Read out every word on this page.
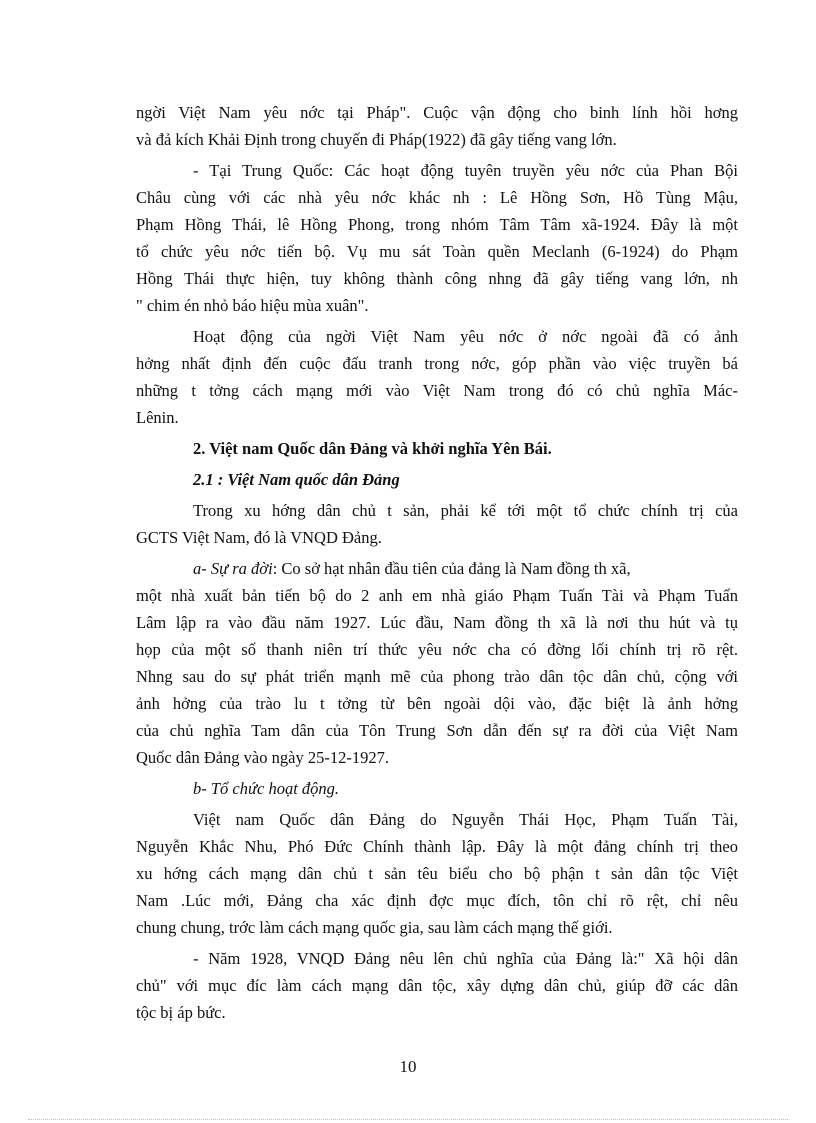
ngời Việt Nam yêu nớc tại Pháp". Cuộc vận động cho binh lính hồi hơng
và đả kích Khải Định trong chuyến đi Pháp(1922) đã gây tiếng vang lớn.
- Tại Trung Quốc: Các hoạt động tuyên truyền yêu nớc của Phan Bội
Châu cùng với các nhà yêu nớc khác nh : Lê Hồng Sơn, Hồ Tùng Mậu,
Phạm Hồng Thái, lê Hồng Phong, trong nhóm Tâm Tâm xã-1924. Đây là một
tổ chức yêu nớc tiến bộ. Vụ mu sát Toàn quền Meclanh (6-1924) do Phạm
Hồng Thái thực hiện, tuy không thành công nhng đã gây tiếng vang lớn, nh
" chim én nhỏ báo hiệu mùa xuân".
Hoạt động của ngời Việt Nam yêu nớc ở nớc ngoài đã có ảnh
hởng nhất định đến cuộc đấu tranh trong nớc, góp phần vào việc truyền bá
những t tởng cách mạng mới vào Việt Nam trong đó có chủ nghĩa Mác-
Lênin.
2. Việt nam Quốc dân Đảng và khởi nghĩa Yên Bái.
2.1 : Việt Nam quốc dân Đảng
Trong xu hớng dân chủ t sản, phải kể tới một tổ chức chính trị của
GCTS Việt Nam, đó là VNQD Đảng.
a- Sự ra đời: Co sở hạt nhân đầu tiên của đảng là Nam đồng th xã,
một nhà xuất bản tiến bộ do 2 anh em nhà giáo Phạm Tuấn Tài và Phạm Tuấn
Lâm lập ra vào đầu năm 1927. Lúc đầu, Nam đồng th xã là nơi thu hút và tụ
họp của một số thanh niên trí thức yêu nớc cha có đờng lối chính trị rõ rệt.
Nhng sau do sự phát triển mạnh mẽ của phong trào dân tộc dân chủ, cộng với
ảnh hởng của trào lu t tởng từ bên ngoài dội vào, đặc biệt là ảnh hởng
của chủ nghĩa Tam dân của Tôn Trung Sơn dẫn đến sự ra đời của Việt Nam
Quốc dân Đảng vào ngày 25-12-1927.
b- Tổ chức hoạt động.
Việt nam Quốc dân Đảng do Nguyễn Thái Học, Phạm Tuấn Tài,
Nguyễn Khắc Nhu, Phó Đức Chính thành lập. Đây là một đảng chính trị theo
xu hớng cách mạng dân chủ t sản têu biểu cho bộ phận t sản dân tộc Việt
Nam .Lúc mới, Đảng cha xác định đợc mục đích, tôn chỉ rõ rệt, chỉ nêu
chung chung, trớc làm cách mạng quốc gia, sau làm cách mạng thế giới.
- Năm 1928, VNQD Đảng nêu lên chủ nghĩa của Đảng là:" Xã hội dân
chủ" với mục đíc làm cách mạng dân tộc, xây dựng dân chủ, giúp đỡ các dân
tộc bị áp bức.
10
